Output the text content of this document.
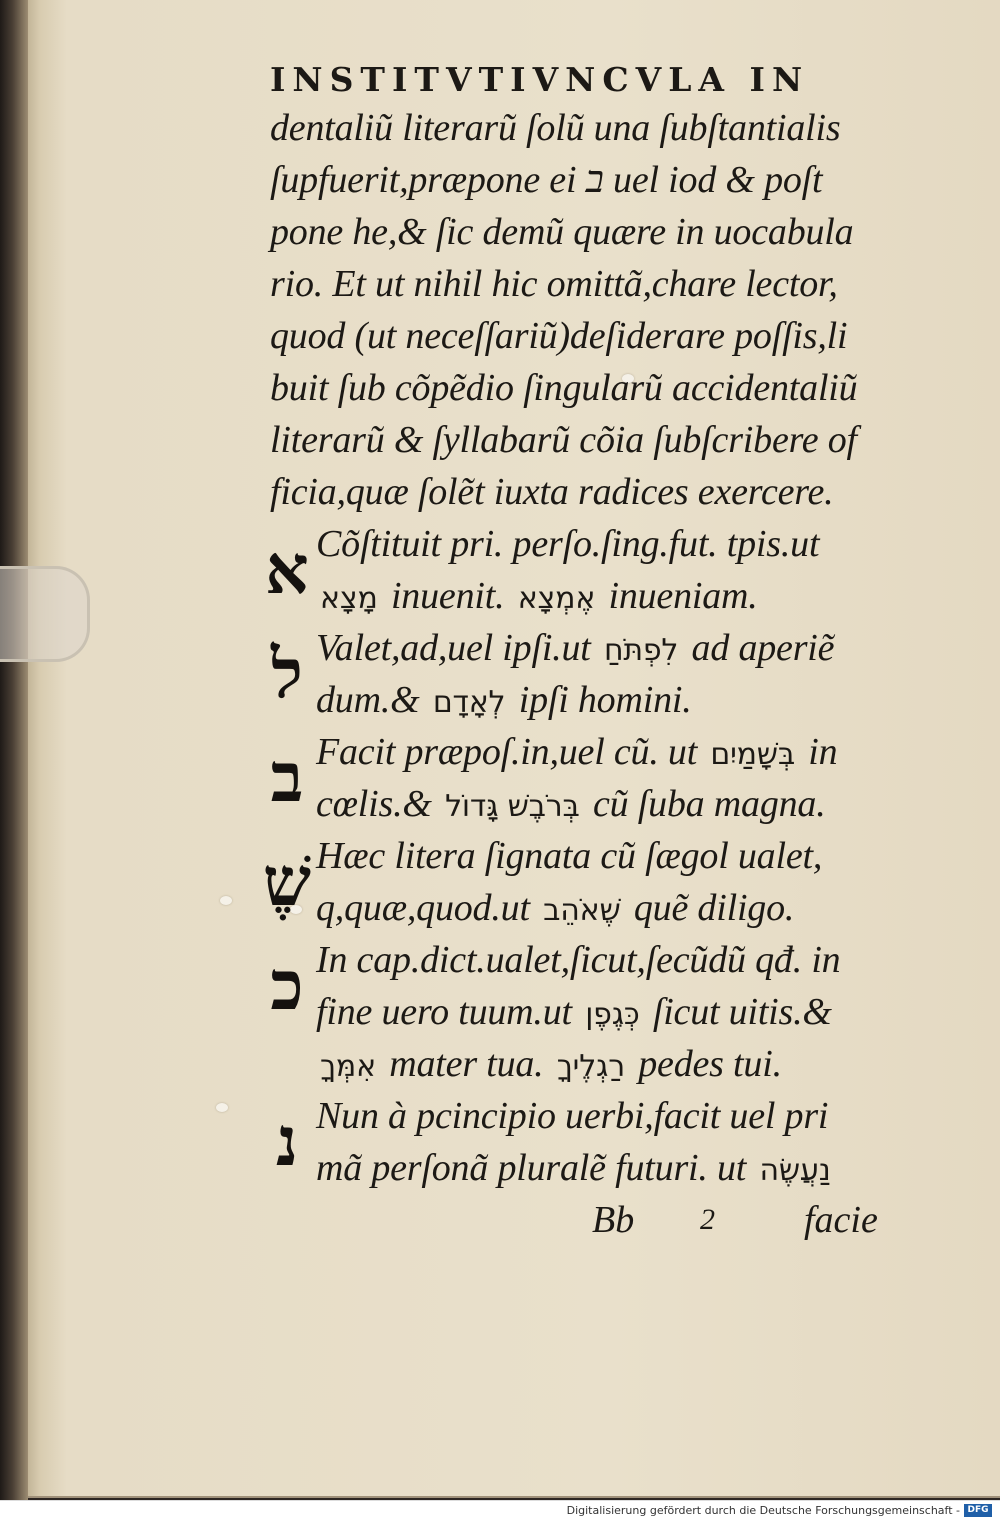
INSTITVTIVNCVLA IN
dentaliũ literarũ ſolũ una ſubſtantialis
ſupfuerit,præpone ei ב uel iod & poſt
pone he,& ſic demũ quære in uocabula
rio. Et ut nihil hic omittã,chare lector,
quod (ut neceſſariũ)deſiderare poſſis,li
buit ſub cõpẽdio ſingularũ accidentaliũ
literarũ & ſyllabarũ cõia ſubſcribere of
ficia,quæ ſolẽt iuxta radices exercere.
א Cõſtituit pri. perſo.ſing.fut. tpis.ut
מָצָא inuenit. אֶמְצָא inueniam.
ל Valet,ad,uel ipſi.ut לִפְתֹּחַ ad aperiẽ
dum.& לְאָדָם ipſi homini.
ב Facit præpoſ.in,uel cũ. ut בְּשָׁמַיִם in
cœlis.& בְּרֹבֶשׁ גָּדוֹל cũ ſuba magna.
שֶׁ Hæc litera ſignata cũ ſægol ualet,
q,quæ,quod.ut שֶׁאֹהֵב quẽ diligo.
כ In cap.dict.ualet,ſicut,ſecũdũ qđ. in
fine uero tuum.ut כְּגֶפֶן ſicut uitis.&
אִמְּךָ mater tua. רַגְלֶיךָ pedes tui.
נ Nun à pcincipio uerbi,facit uel pri
mã perſonã pluralẽ futuri. ut נַעֲשֶׂה
Bb 2 facie
Digitalisierung gefördert durch die Deutsche Forschungsgemeinschaft - DFG
